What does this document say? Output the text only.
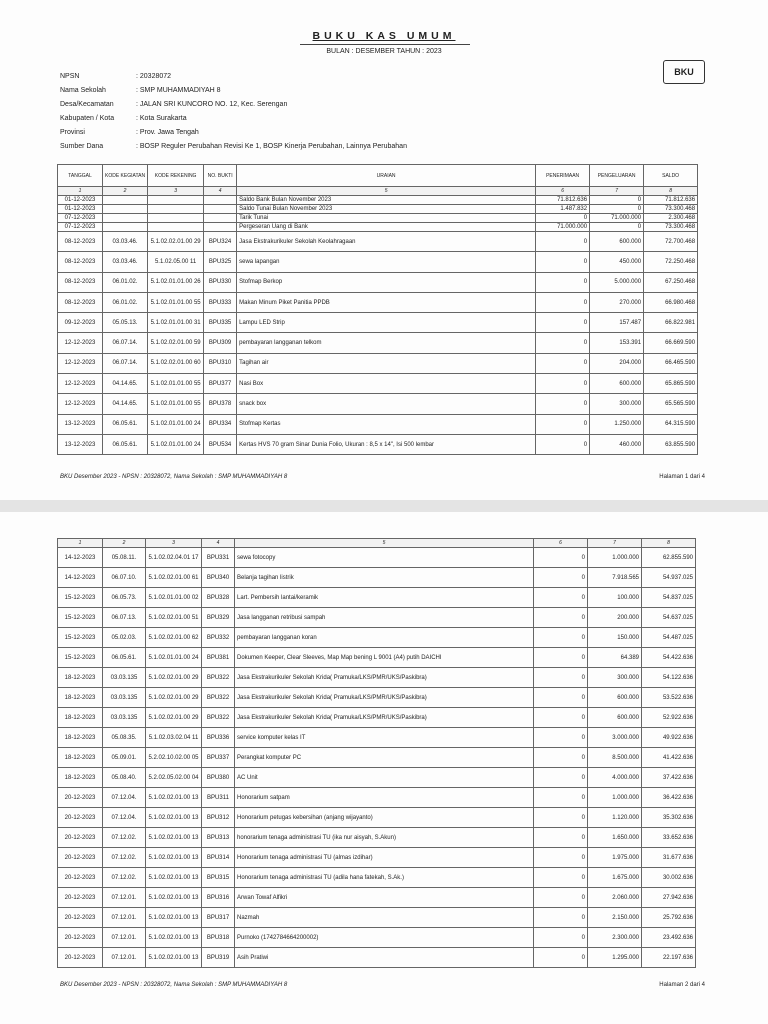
BUKU KAS UMUM
BULAN : DESEMBER TAHUN : 2023
BKU
NPSN	: 20328072
Nama Sekolah	: SMP MUHAMMADIYAH 8
Desa/Kecamatan	: JALAN SRI KUNCORO NO. 12, Kec. Serengan
Kabupaten / Kota	: Kota Surakarta
Provinsi	: Prov. Jawa Tengah
Sumber Dana	: BOSP Reguler Perubahan Revisi Ke 1, BOSP Kinerja Perubahan, Lainnya Perubahan
TANGGAL	KODE KEGIATAN	KODE REKENING	NO. BUKTI	URAIAN	PENERIMAAN	PENGELUARAN	SALDO
1	2	3	4	5	6	7	8
01-12-2023				Saldo Bank Bulan November 2023	71.812.636	0	71.812.636
01-12-2023				Saldo Tunai Bulan November 2023	1.487.832	0	73.300.468
07-12-2023				Tarik Tunai	0	71.000.000	2.300.468
07-12-2023				Pergeseran Uang di Bank	71.000.000	0	73.300.468
08-12-2023	03.03.46.	5.1.02.02.01.00 29	BPU324	Jasa Ekstrakurikuler Sekolah Keolahragaan	0	600.000	72.700.468
08-12-2023	03.03.46.	5.1.02.05.00 11	BPU325	sewa lapangan	0	450.000	72.250.468
08-12-2023	06.01.02.	5.1.02.01.01.00 26	BPU330	Stofmap Berkop	0	5.000.000	67.250.468
08-12-2023	06.01.02.	5.1.02.01.01.00 55	BPU333	Makan Minum Piket Panitia PPDB	0	270.000	66.980.468
09-12-2023	05.05.13.	5.1.02.01.01.00 31	BPU335	Lampu LED Strip	0	157.487	66.822.981
12-12-2023	06.07.14.	5.1.02.02.01.00 59	BPU309	pembayaran langganan telkom	0	153.391	66.669.590
12-12-2023	06.07.14.	5.1.02.02.01.00 60	BPU310	Tagihan air	0	204.000	66.465.590
12-12-2023	04.14.65.	5.1.02.01.01.00 55	BPU377	Nasi Box	0	600.000	65.865.590
12-12-2023	04.14.65.	5.1.02.01.01.00 55	BPU378	snack box	0	300.000	65.565.590
13-12-2023	06.05.61.	5.1.02.01.01.00 24	BPU334	Stofmap Kertas	0	1.250.000	64.315.590
13-12-2023	06.05.61.	5.1.02.01.01.00 24	BPU534	Kertas HVS 70 gram Sinar Dunia Folio, Ukuran : 8,5 x 14", Isi 500 lembar	0	460.000	63.855.590
BKU Desember 2023 - NPSN : 20328072, Nama Sekolah : SMP MUHAMMADIYAH 8	Halaman 1 dari 4
1	2	3	4	5	6	7	8
14-12-2023	05.08.11.	5.1.02.02.04.01 17	BPU331	sewa fotocopy	0	1.000.000	62.855.590
14-12-2023	06.07.10.	5.1.02.02.01.00 61	BPU340	Belanja tagihan listrik	0	7.918.565	54.937.025
15-12-2023	06.05.73.	5.1.02.01.01.00 02	BPU328	Lart. Pembersih lantai/keramik	0	100.000	54.837.025
15-12-2023	06.07.13.	5.1.02.02.01.00 51	BPU329	Jasa langganan retribusi sampah	0	200.000	54.637.025
15-12-2023	05.02.03.	5.1.02.02.01.00 62	BPU332	pembayaran langganan koran	0	150.000	54.487.025
15-12-2023	06.05.61.	5.1.02.01.01.00 24	BPU381	Dokumen Keeper, Clear Sleeves, Map Map bening L 9001 (A4) putih DAICHI	0	64.389	54.422.636
18-12-2023	03.03.135	5.1.02.02.01.00 29	BPU322	Jasa Ekstrakurikuler Sekolah Krida( Pramuka/LKS/PMR/UKS/Paskibra)	0	300.000	54.122.636
18-12-2023	03.03.135	5.1.02.02.01.00 29	BPU322	Jasa Ekstrakurikuler Sekolah Krida( Pramuka/LKS/PMR/UKS/Paskibra)	0	600.000	53.522.636
18-12-2023	03.03.135	5.1.02.02.01.00 29	BPU322	Jasa Ekstrakurikuler Sekolah Krida( Pramuka/LKS/PMR/UKS/Paskibra)	0	600.000	52.922.636
18-12-2023	05.08.35.	5.1.02.03.02.04 11	BPU336	service komputer kelas IT	0	3.000.000	49.922.636
18-12-2023	05.09.01.	5.2.02.10.02.00 05	BPU337	Perangkat komputer PC	0	8.500.000	41.422.636
18-12-2023	05.08.40.	5.2.02.05.02.00 04	BPU380	AC Unit	0	4.000.000	37.422.636
20-12-2023	07.12.04.	5.1.02.02.01.00 13	BPU311	Honorarium satpam	0	1.000.000	36.422.636
20-12-2023	07.12.04.	5.1.02.02.01.00 13	BPU312	Honorarium petugas kebersihan (anjang wijayanto)	0	1.120.000	35.302.636
20-12-2023	07.12.02.	5.1.02.02.01.00 13	BPU313	honorarium tenaga administrasi TU (ika nur aisyah, S.Akun)	0	1.650.000	33.652.636
20-12-2023	07.12.02.	5.1.02.02.01.00 13	BPU314	Honorarium tenaga administrasi TU (almas izdihar)	0	1.975.000	31.677.636
20-12-2023	07.12.02.	5.1.02.02.01.00 13	BPU315	Honorarium tenaga administrasi TU (adila hana fatekah, S.Ak.)	0	1.675.000	30.002.636
20-12-2023	07.12.01.	5.1.02.02.01.00 13	BPU316	Arwan Towaf Alfikri	0	2.060.000	27.942.636
20-12-2023	07.12.01.	5.1.02.02.01.00 13	BPU317	Nazmah	0	2.150.000	25.792.636
20-12-2023	07.12.01.	5.1.02.02.01.00 13	BPU318	Purnoko (1742784664200002)	0	2.300.000	23.492.636
20-12-2023	07.12.01.	5.1.02.02.01.00 13	BPU319	Asih Pratiwi	0	1.295.000	22.197.636
BKU Desember 2023 - NPSN : 20328072, Nama Sekolah : SMP MUHAMMADIYAH 8	Halaman 2 dari 4
